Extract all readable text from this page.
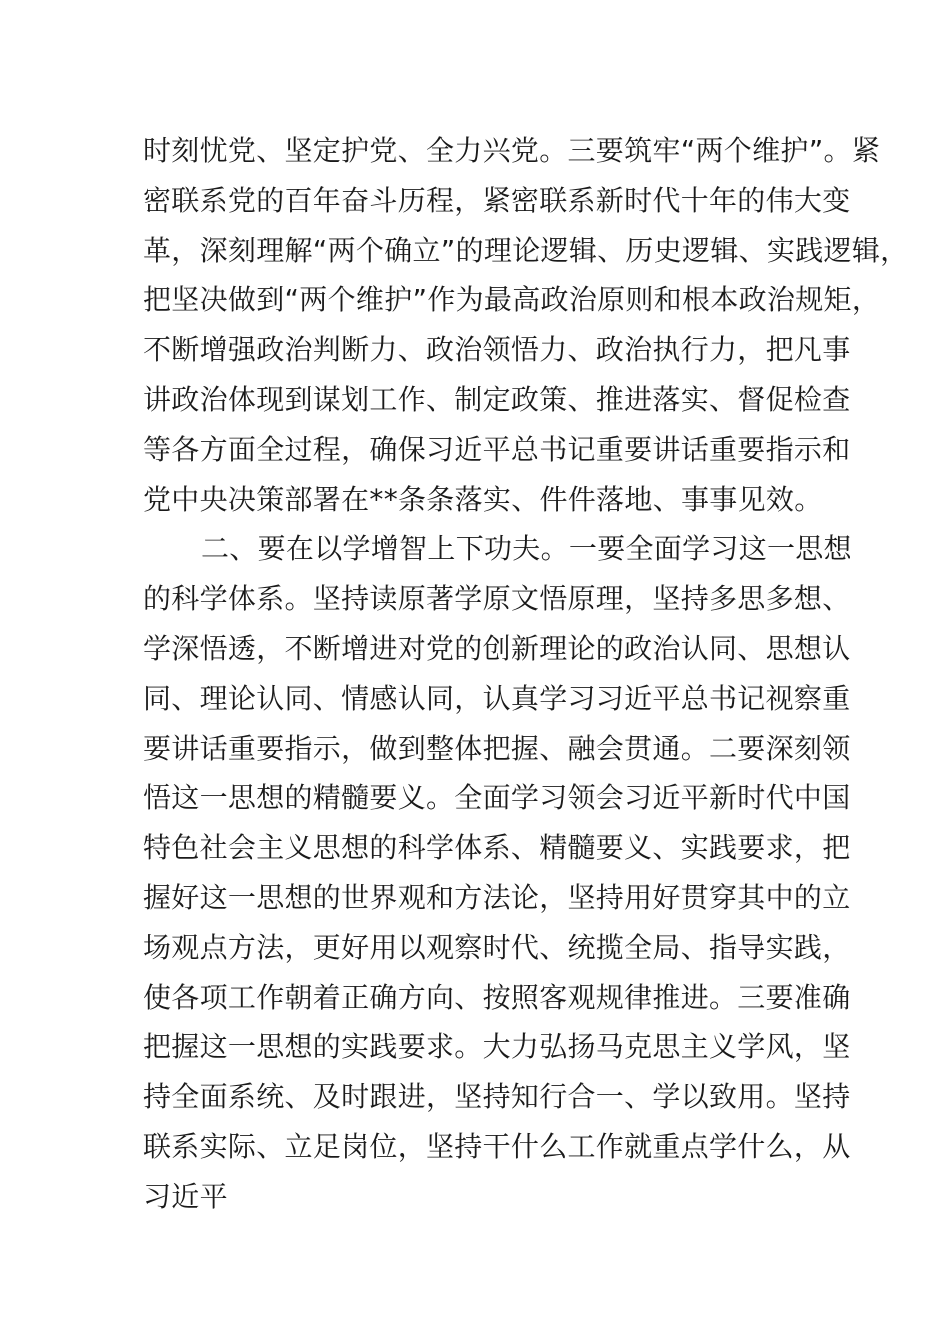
时刻忧党、坚定护党、全力兴党。三要筑牢“两个维护”。紧
密联系党的百年奋斗历程，紧密联系新时代十年的伟大变
革，深刻理解“两个确立”的理论逻辑、历史逻辑、实践逻辑，
把坚决做到“两个维护”作为最高政治原则和根本政治规矩，
不断增强政治判断力、政治领悟力、政治执行力，把凡事
讲政治体现到谋划工作、制定政策、推进落实、督促检查
等各方面全过程，确保习近平总书记重要讲话重要指示和
党中央决策部署在**条条落实、件件落地、事事见效。
二、要在以学增智上下功夫。一要全面学习这一思想
的科学体系。坚持读原著学原文悟原理，坚持多思多想、
学深悟透，不断增进对党的创新理论的政治认同、思想认
同、理论认同、情感认同，认真学习习近平总书记视察重
要讲话重要指示，做到整体把握、融会贯通。二要深刻领
悟这一思想的精髓要义。全面学习领会习近平新时代中国
特色社会主义思想的科学体系、精髓要义、实践要求，把
握好这一思想的世界观和方法论，坚持用好贯穿其中的立
场观点方法，更好用以观察时代、统揽全局、指导实践，
使各项工作朝着正确方向、按照客观规律推进。三要准确
把握这一思想的实践要求。大力弘扬马克思主义学风，坚
持全面系统、及时跟进，坚持知行合一、学以致用。坚持
联系实际、立足岗位，坚持干什么工作就重点学什么，从
习近平
